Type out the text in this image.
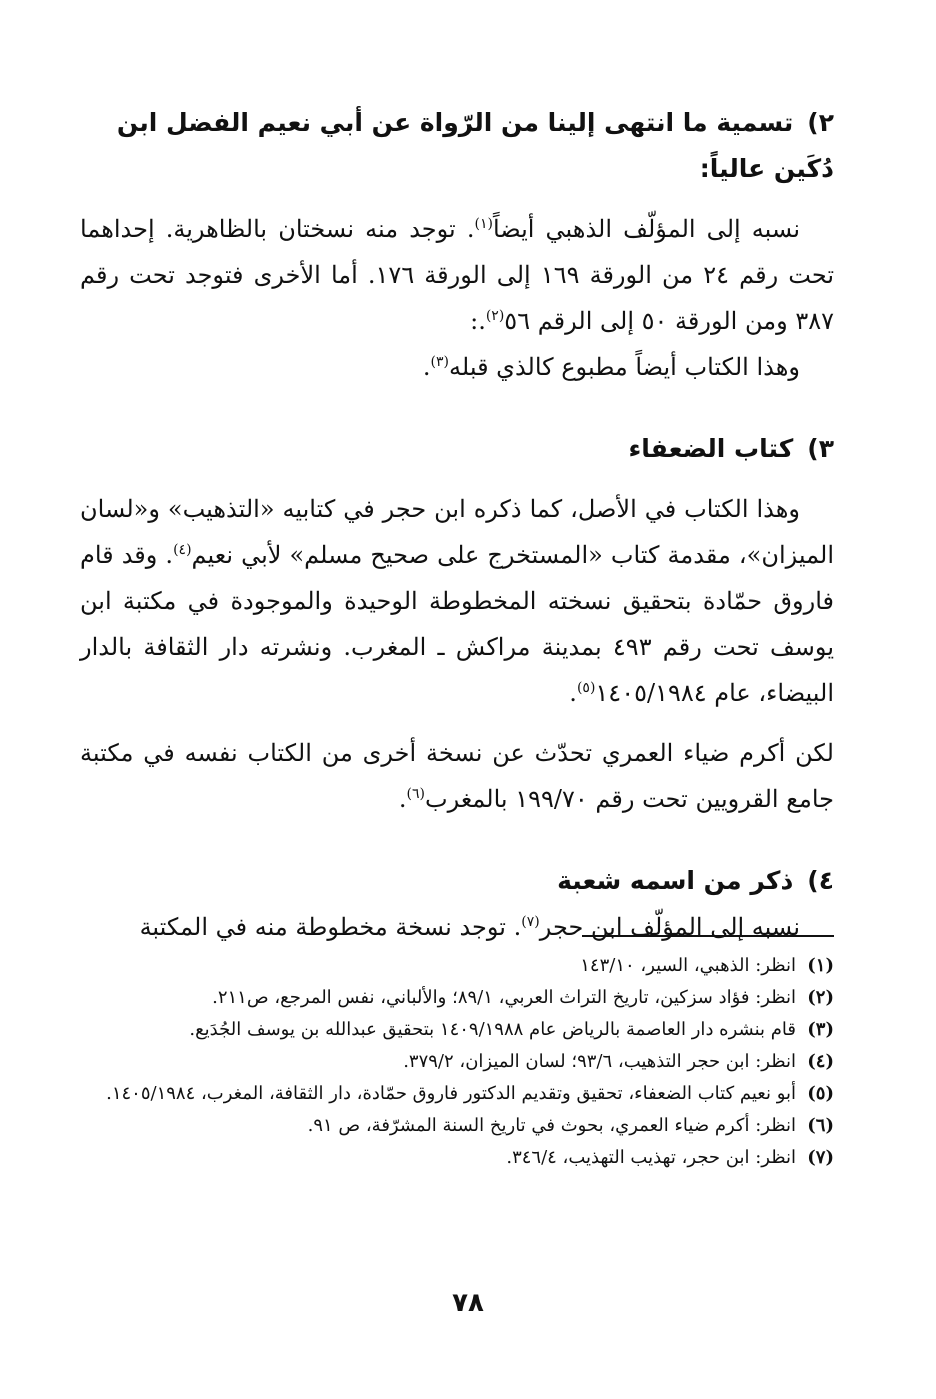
٢)تسمية ما انتهى إلينا من الرّواة عن أبي نعيم الفضل ابن دُكَين عالياً:

نسبه إلى المؤلّف الذهبي أيضاً$^{(١)}$. توجد منه نسختان بالظاهرية. إحداهما تحت رقم ٢٤ من الورقة ١٦٩ إلى الورقة ١٧٦. أما الأخرى فتوجد تحت رقم ٣٨٧ ومن الورقة ٥٠ إلى الرقم ٥٦$^{(٢)}$.:

وهذا الكتاب أيضاً مطبوع كالذي قبله$^{(٣)}$.

٣)كتاب الضعفاء

وهذا الكتاب في الأصل، كما ذكره ابن حجر في كتابيه «التذهيب» و«لسان الميزان»، مقدمة كتاب «المستخرج على صحيح مسلم» لأبي نعيم$^{(٤)}$. وقد قام فاروق حمّادة بتحقيق نسخته المخطوطة الوحيدة والموجودة في مكتبة ابن يوسف تحت رقم ٤٩٣ بمدينة مراكش ـ المغرب. ونشرته دار الثقافة بالدار البيضاء، عام ١٤٠٥/١٩٨٤$^{(٥)}$.

لكن أكرم ضياء العمري تحدّث عن نسخة أخرى من الكتاب نفسه في مكتبة جامع القرويين تحت رقم ١٩٩/٧٠ بالمغرب$^{(٦)}$.

٤)ذكر من اسمه شعبة

نسبه إلى المؤلّف ابن حجر$^{(٧)}$. توجد نسخة مخطوطة منه في المكتبة

(١)
انظر: الذهبي، السير، ١٤٣/١٠
(٢)
انظر: فؤاد سزكين، تاريخ التراث العربي، ٨٩/١؛ والألباني، نفس المرجع، ص٢١١.
(٣)
قام بنشره دار العاصمة بالرياض عام ١٤٠٩/١٩٨٨ بتحقيق عبدالله بن يوسف الجُدَيع.
(٤)
انظر: ابن حجر التذهيب، ٩٣/٦؛ لسان الميزان، ٣٧٩/٢.
(٥)
أبو نعيم كتاب الضعفاء، تحقيق وتقديم الدكتور فاروق حمّادة، دار الثقافة، المغرب، ١٤٠٥/١٩٨٤.
(٦)
انظر: أكرم ضياء العمري، بحوث في تاريخ السنة المشرّفة، ص ٩١.
(٧)
انظر: ابن حجر، تهذيب التهذيب، ٣٤٦/٤.
٧٨
